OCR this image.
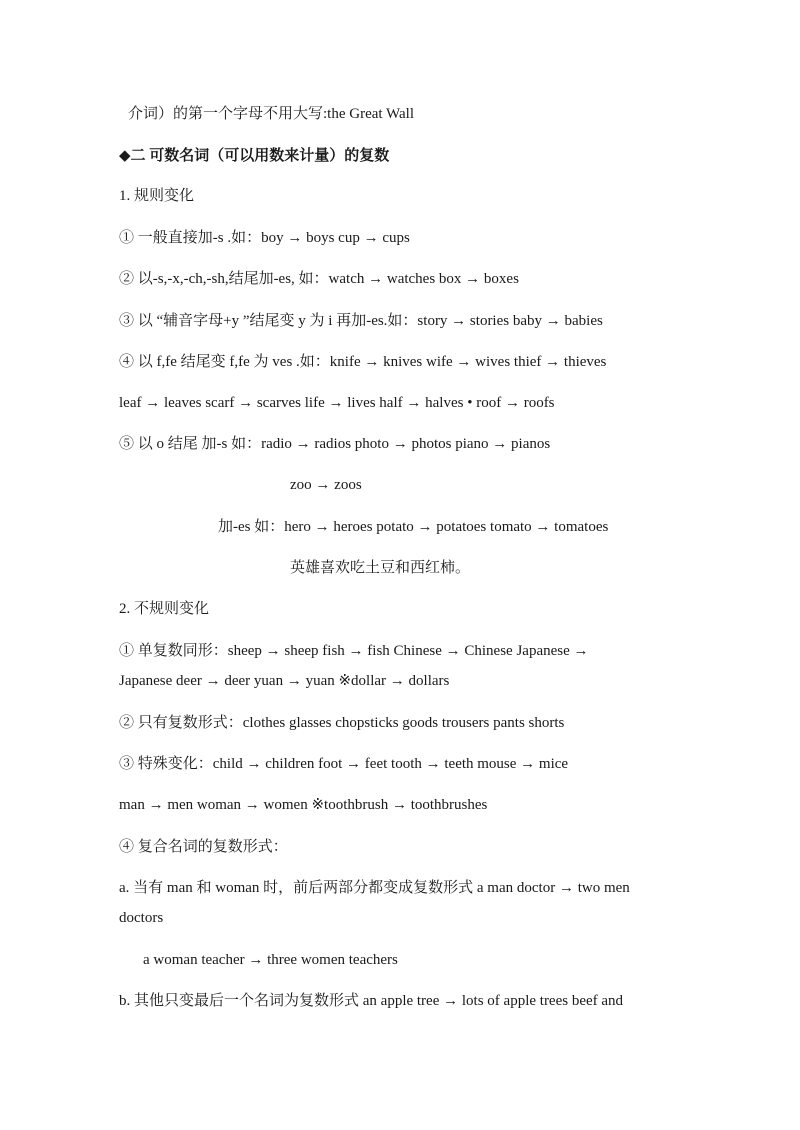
介词）的第一个字母不用大写:the Great Wall
◆二 可数名词（可以用数来计量）的复数
1. 规则变化
① 一般直接加-s .如：boy → boys cup → cups
② 以-s,-x,-ch,-sh,结尾加-es, 如：watch → watches box → boxes
③ 以 “辅音字母+y ”结尾变 y 为 i 再加-es.如：story → stories baby → babies
④ 以 f,fe 结尾变 f,fe 为 ves .如：knife → knives wife → wives thief → thieves
leaf → leaves scarf → scarves life → lives half → halves • roof → roofs
⑤ 以 o 结尾 加-s 如：radio → radios photo → photos piano → pianos
zoo → zoos
加-es 如：hero → heroes potato → potatoes tomato → tomatoes
英雄喜欢吃土豆和西红柿。
2. 不规则变化
① 单复数同形：sheep → sheep fish → fish Chinese → Chinese Japanese →
Japanese deer → deer yuan → yuan ※dollar → dollars
② 只有复数形式：clothes glasses chopsticks goods trousers pants shorts
③ 特殊变化：child → children foot → feet tooth → teeth mouse → mice
man → men woman → women ※toothbrush → toothbrushes
④ 复合名词的复数形式：
a. 当有 man 和 woman 时，前后两部分都变成复数形式 a man doctor → two men
doctors
a woman teacher → three women teachers
b. 其他只变最后一个名词为复数形式 an apple tree → lots of apple trees beef and
